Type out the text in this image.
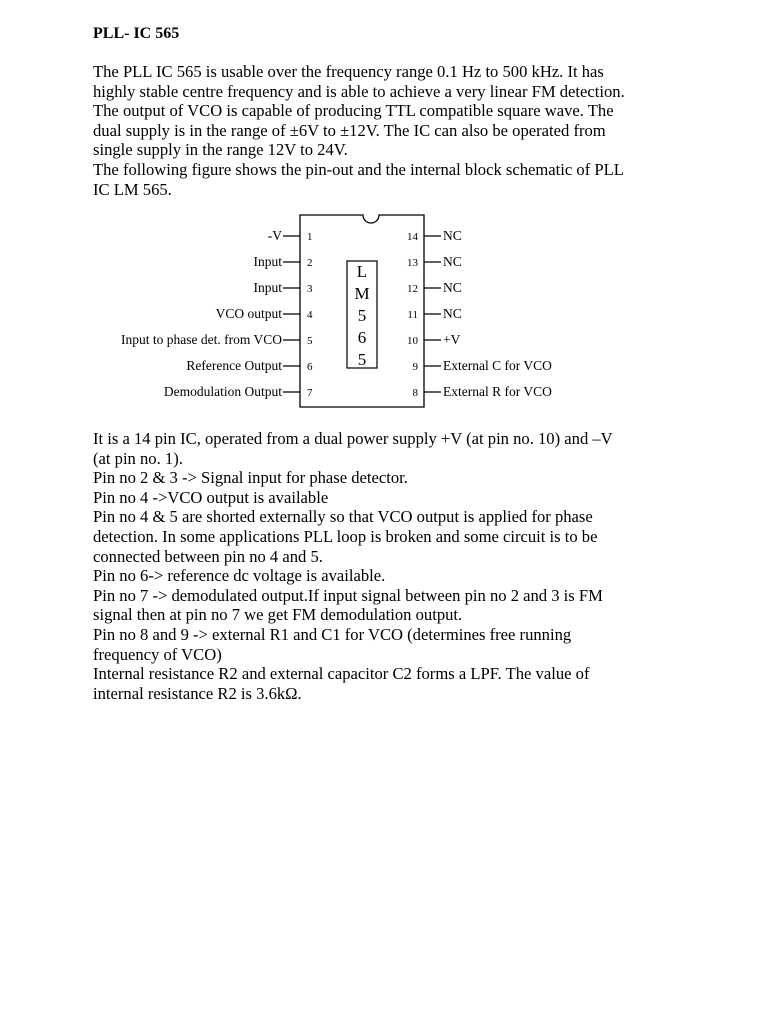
PLL- IC 565

The PLL IC 565 is usable over the frequency range 0.1 Hz to 500 kHz. It has
highly stable centre frequency and is able to achieve a very linear FM detection.
The output of VCO is capable of producing TTL compatible square wave. The
dual supply is in the range of ±6V to ±12V. The IC can also be operated from
single supply in the range 12V to 24V.
The following figure shows the pin-out and the internal block schematic of PLL
IC LM 565.

L
M
5
6
5
-V 1
Input 2
Input 3
VCO output 4
Input to phase det. from VCO 5
Reference Output 6
Demodulation Output 7
14 NC
13 NC
12 NC
11 NC
10 +V
9 External C for VCO
8 External R for VCO

It is a 14 pin IC, operated from a dual power supply +V (at pin no. 10) and –V
(at pin no. 1).
Pin no 2 & 3 -> Signal input for phase detector.
Pin no 4 ->VCO output is available
Pin no 4 & 5 are shorted externally so that VCO output is applied for phase
detection. In some applications PLL loop is broken and some circuit is to be
connected between pin no 4 and 5.
Pin no 6-> reference dc voltage is available.
Pin no 7 -> demodulated output.If input signal between pin no 2 and 3 is FM
signal then at pin no 7 we get FM demodulation output.
Pin no 8 and 9 -> external R1 and C1 for VCO (determines free running
frequency of VCO)
Internal resistance R2 and external capacitor C2 forms a LPF. The value of
internal resistance R2 is 3.6kΩ.
